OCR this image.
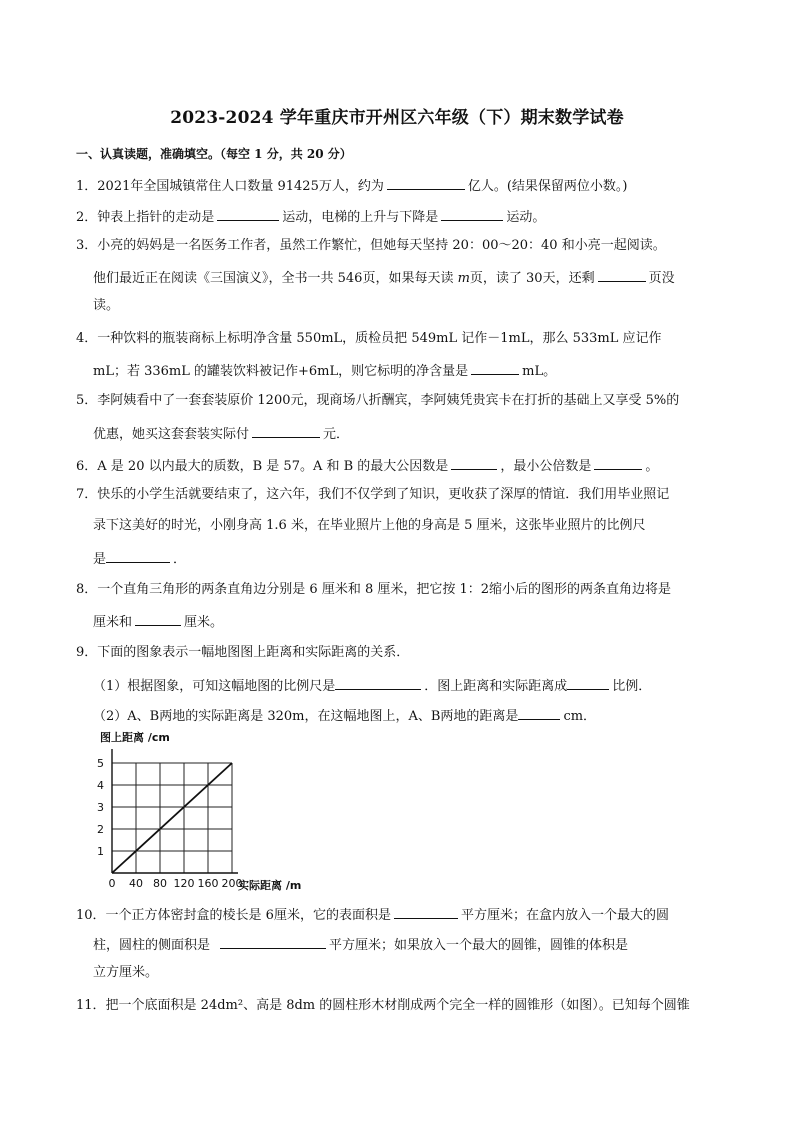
2023-2024 学年重庆市开州区六年级（下）期末数学试卷
一、认真读题，准确填空。（每空 1 分，共 20 分）
1．2021年全国城镇常住人口数量 91425万人，约为	亿人。(结果保留两位小数。)
2．钟表上指针的走动是	运动，电梯的上升与下降是	运动。
3．小亮的妈妈是一名医务工作者，虽然工作繁忙，但她每天坚持 20：00～20：40 和小亮一起阅读。
他们最近正在阅读《三国演义》，全书一共 546页，如果每天读 m页，读了 30天，还剩	页没
读。
4．一种饮料的瓶装商标上标明净含量 550mL，质检员把 549mL 记作－1mL，那么 533mL 应记作
mL；若 336mL 的罐装饮料被记作+6mL，则它标明的净含量是	mL。
5．李阿姨看中了一套套装原价 1200元，现商场八折酬宾，李阿姨凭贵宾卡在打折的基础上又享受 5%的
优惠，她买这套套装实际付	元．
6．A 是 20 以内最大的质数，B 是 57。A 和 B 的最大公因数是	，最小公倍数是	。
7．快乐的小学生活就要结束了，这六年，我们不仅学到了知识，更收获了深厚的情谊．我们用毕业照记
录下这美好的时光，小刚身高 1.6 米，在毕业照片上他的身高是 5 厘米，这张毕业照片的比例尺
是	．
8．一个直角三角形的两条直角边分别是 6 厘米和 8 厘米，把它按 1：2缩小后的图形的两条直角边将是
厘米和	厘米。
9．下面的图象表示一幅地图图上距离和实际距离的关系．
（1）根据图象，可知这幅地图的比例尺是	．图上距离和实际距离成	比例．
（2）A、B两地的实际距离是 320m，在这幅地图上，A、B两地的距离是	cm．
图上距离 /cm
实际距离 /m
0 40 80 120 160 200
1
2
3
4
5
10．一个正方体密封盒的棱长是 6厘米，它的表面积是	平方厘米；在盒内放入一个最大的圆
柱，圆柱的侧面积是	平方厘米；如果放入一个最大的圆锥，圆锥的体积是
立方厘米。
11．把一个底面积是 24dm²、高是 8dm 的圆柱形木材削成两个完全一样的圆锥形（如图）。已知每个圆锥
